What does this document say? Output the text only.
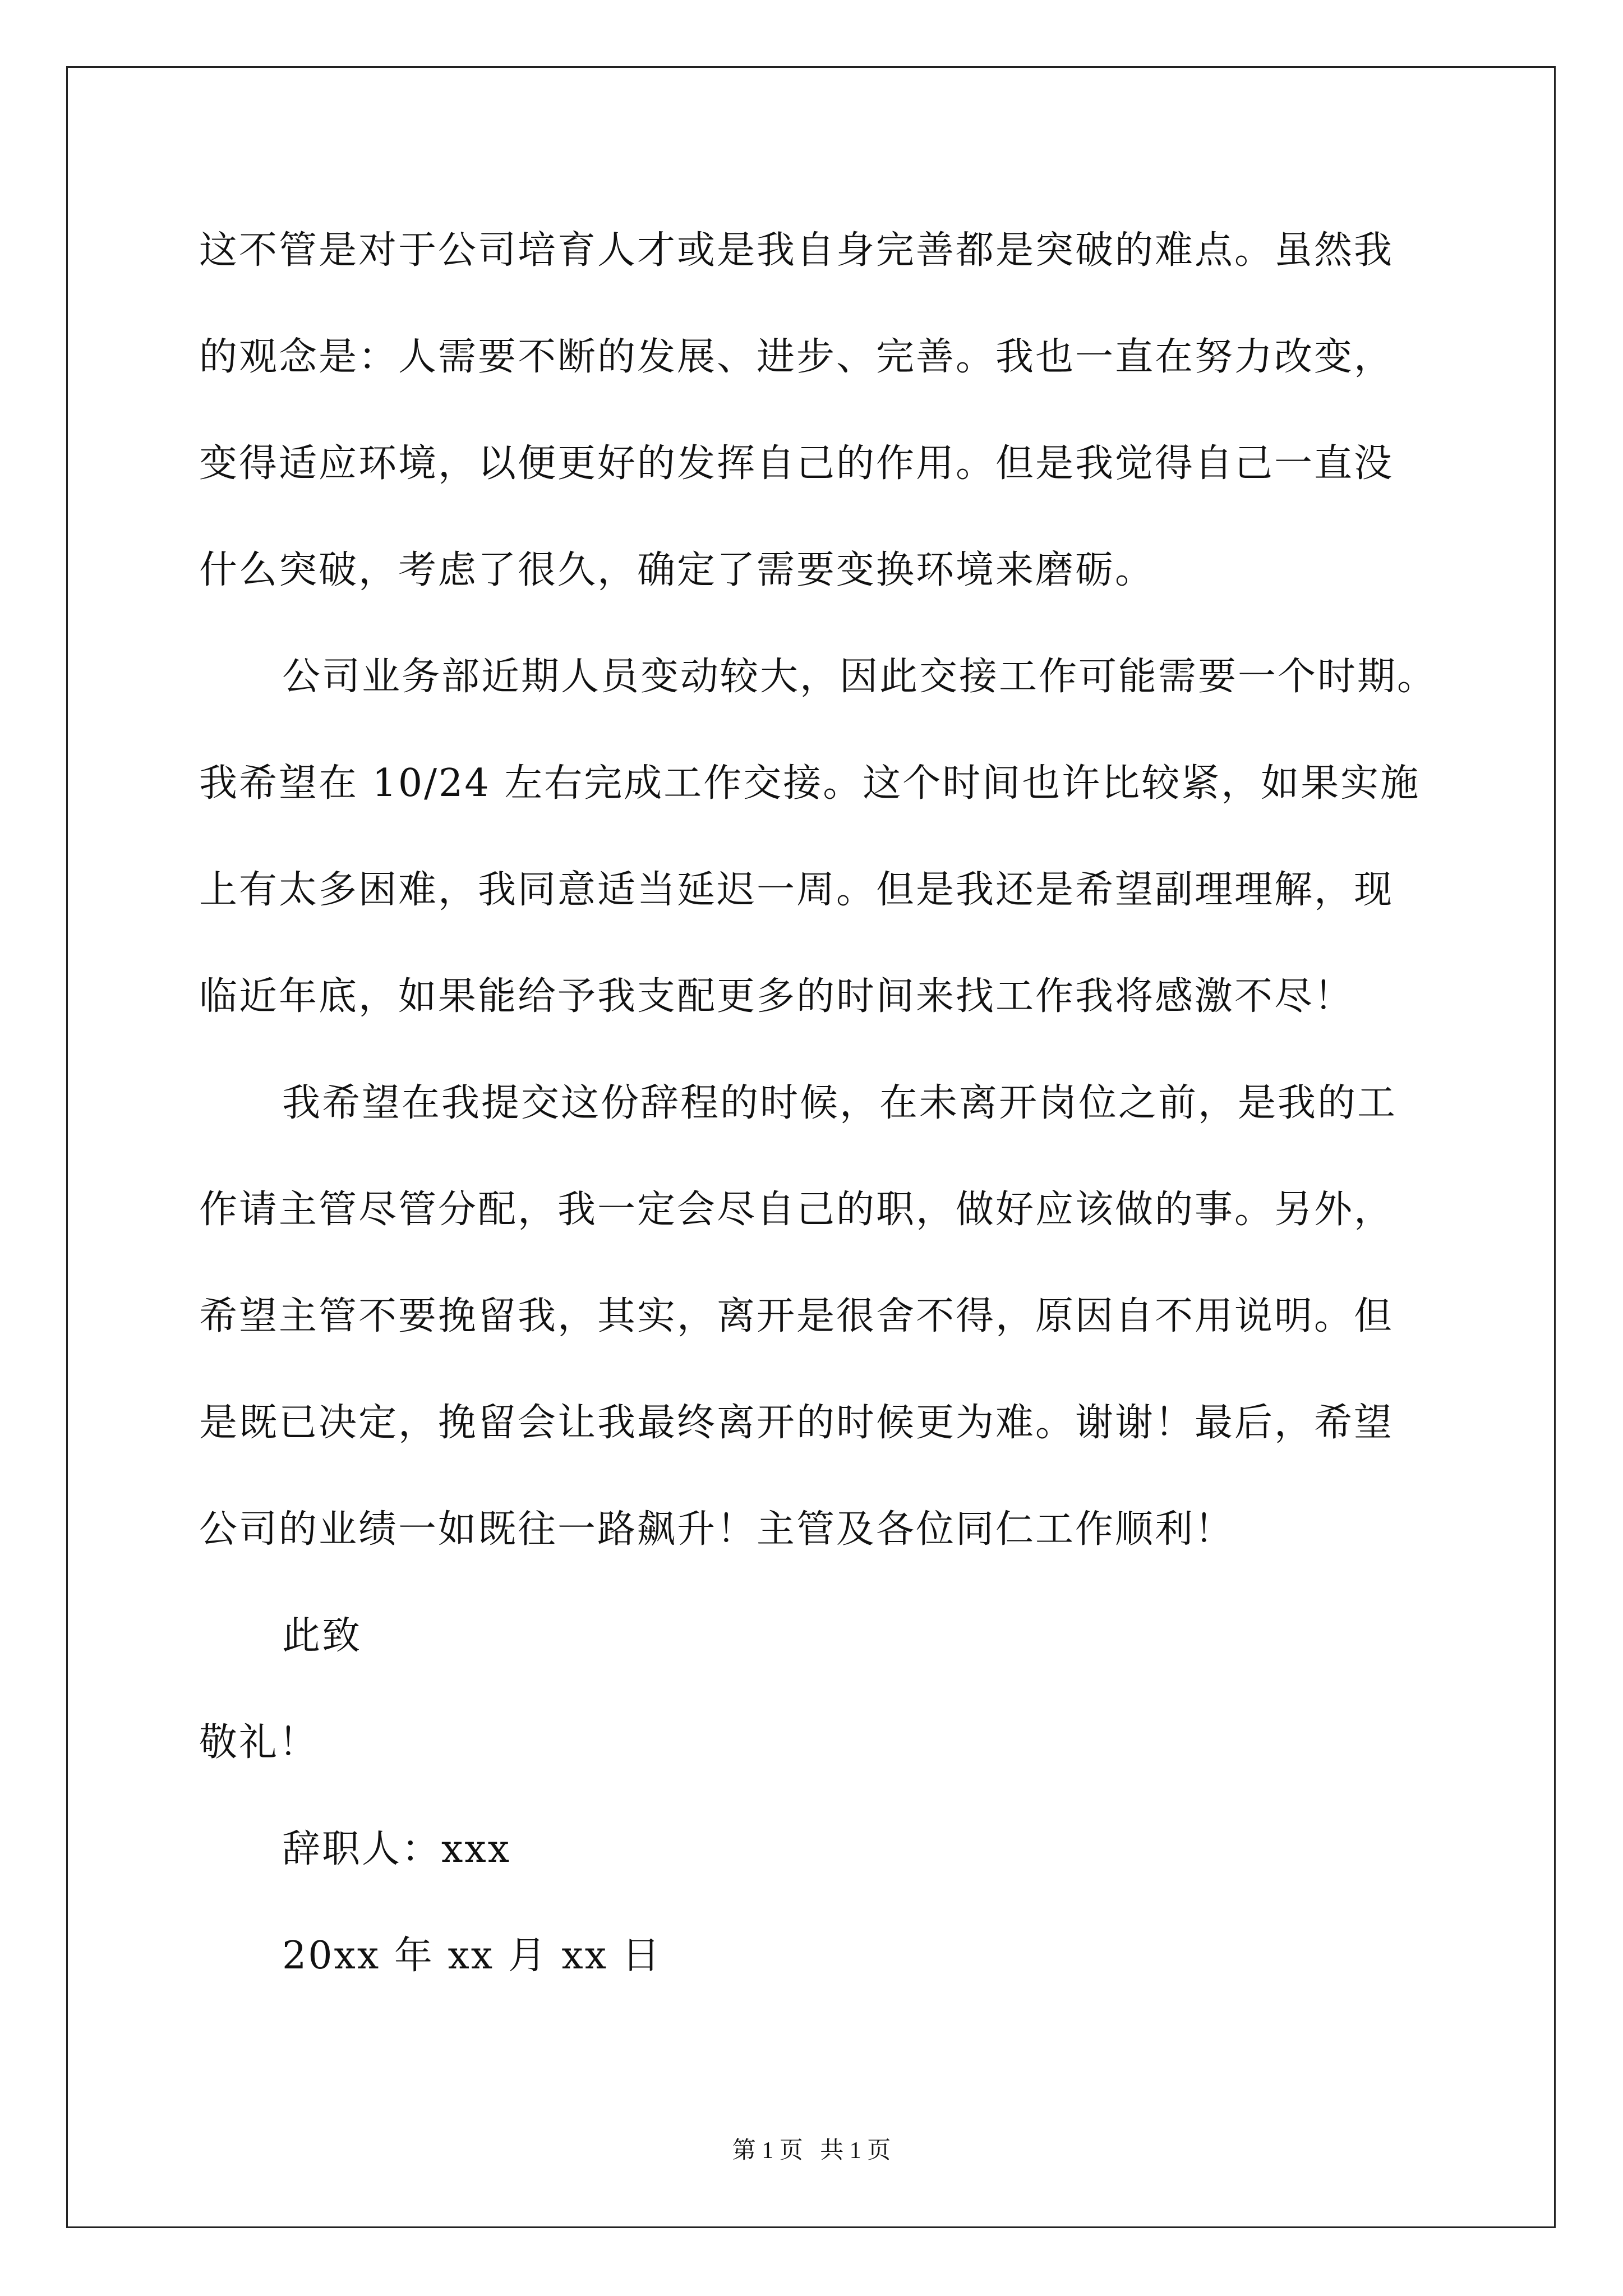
这不管是对于公司培育人才或是我自身完善都是突破的难点。虽然我
的观念是：人需要不断的发展、进步、完善。我也一直在努力改变，
变得适应环境，以便更好的发挥自己的作用。但是我觉得自己一直没
什么突破，考虑了很久，确定了需要变换环境来磨砺。
公司业务部近期人员变动较大，因此交接工作可能需要一个时期。
我希望在 10/24 左右完成工作交接。这个时间也许比较紧，如果实施
上有太多困难，我同意适当延迟一周。但是我还是希望副理理解，现
临近年底，如果能给予我支配更多的时间来找工作我将感激不尽！
我希望在我提交这份辞程的时候，在未离开岗位之前，是我的工
作请主管尽管分配，我一定会尽自己的职，做好应该做的事。另外，
希望主管不要挽留我，其实，离开是很舍不得，原因自不用说明。但
是既已决定，挽留会让我最终离开的时候更为难。谢谢！最后，希望
公司的业绩一如既往一路飙升！主管及各位同仁工作顺利！
此致
敬礼！
辞职人：xxx
20xx 年 xx 月 xx 日
第 1 页 共 1 页
